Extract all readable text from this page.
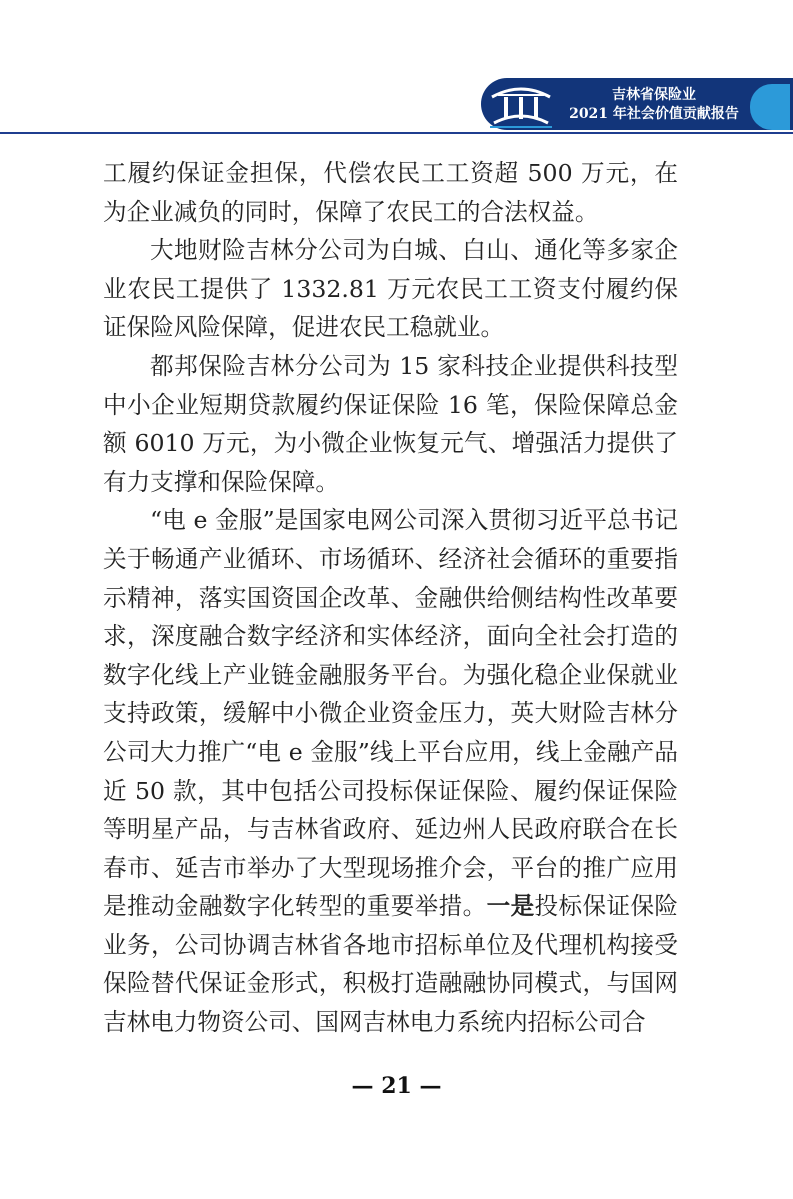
吉林省保险业
2021 年社会价值贡献报告

工履约保证金担保，代偿农民工工资超 500 万元，在为企业减负的同时，保障了农民工的合法权益。

大地财险吉林分公司为白城、白山、通化等多家企业农民工提供了 1332.81 万元农民工工资支付履约保证保险风险保障，促进农民工稳就业。

都邦保险吉林分公司为 15 家科技企业提供科技型中小企业短期贷款履约保证保险 16 笔，保险保障总金额 6010 万元，为小微企业恢复元气、增强活力提供了有力支撑和保险保障。

“电 e 金服”是国家电网公司深入贯彻习近平总书记关于畅通产业循环、市场循环、经济社会循环的重要指示精神，落实国资国企改革、金融供给侧结构性改革要求，深度融合数字经济和实体经济，面向全社会打造的数字化线上产业链金融服务平台。为强化稳企业保就业支持政策，缓解中小微企业资金压力，英大财险吉林分公司大力推广“电 e 金服”线上平台应用，线上金融产品近 50 款，其中包括公司投标保证保险、履约保证保险等明星产品，与吉林省政府、延边州人民政府联合在长春市、延吉市举办了大型现场推介会，平台的推广应用是推动金融数字化转型的重要举措。一是投标保证保险业务，公司协调吉林省各地市招标单位及代理机构接受保险替代保证金形式，积极打造融融协同模式，与国网吉林电力物资公司、国网吉林电力系统内招标公司合

— 21 —
